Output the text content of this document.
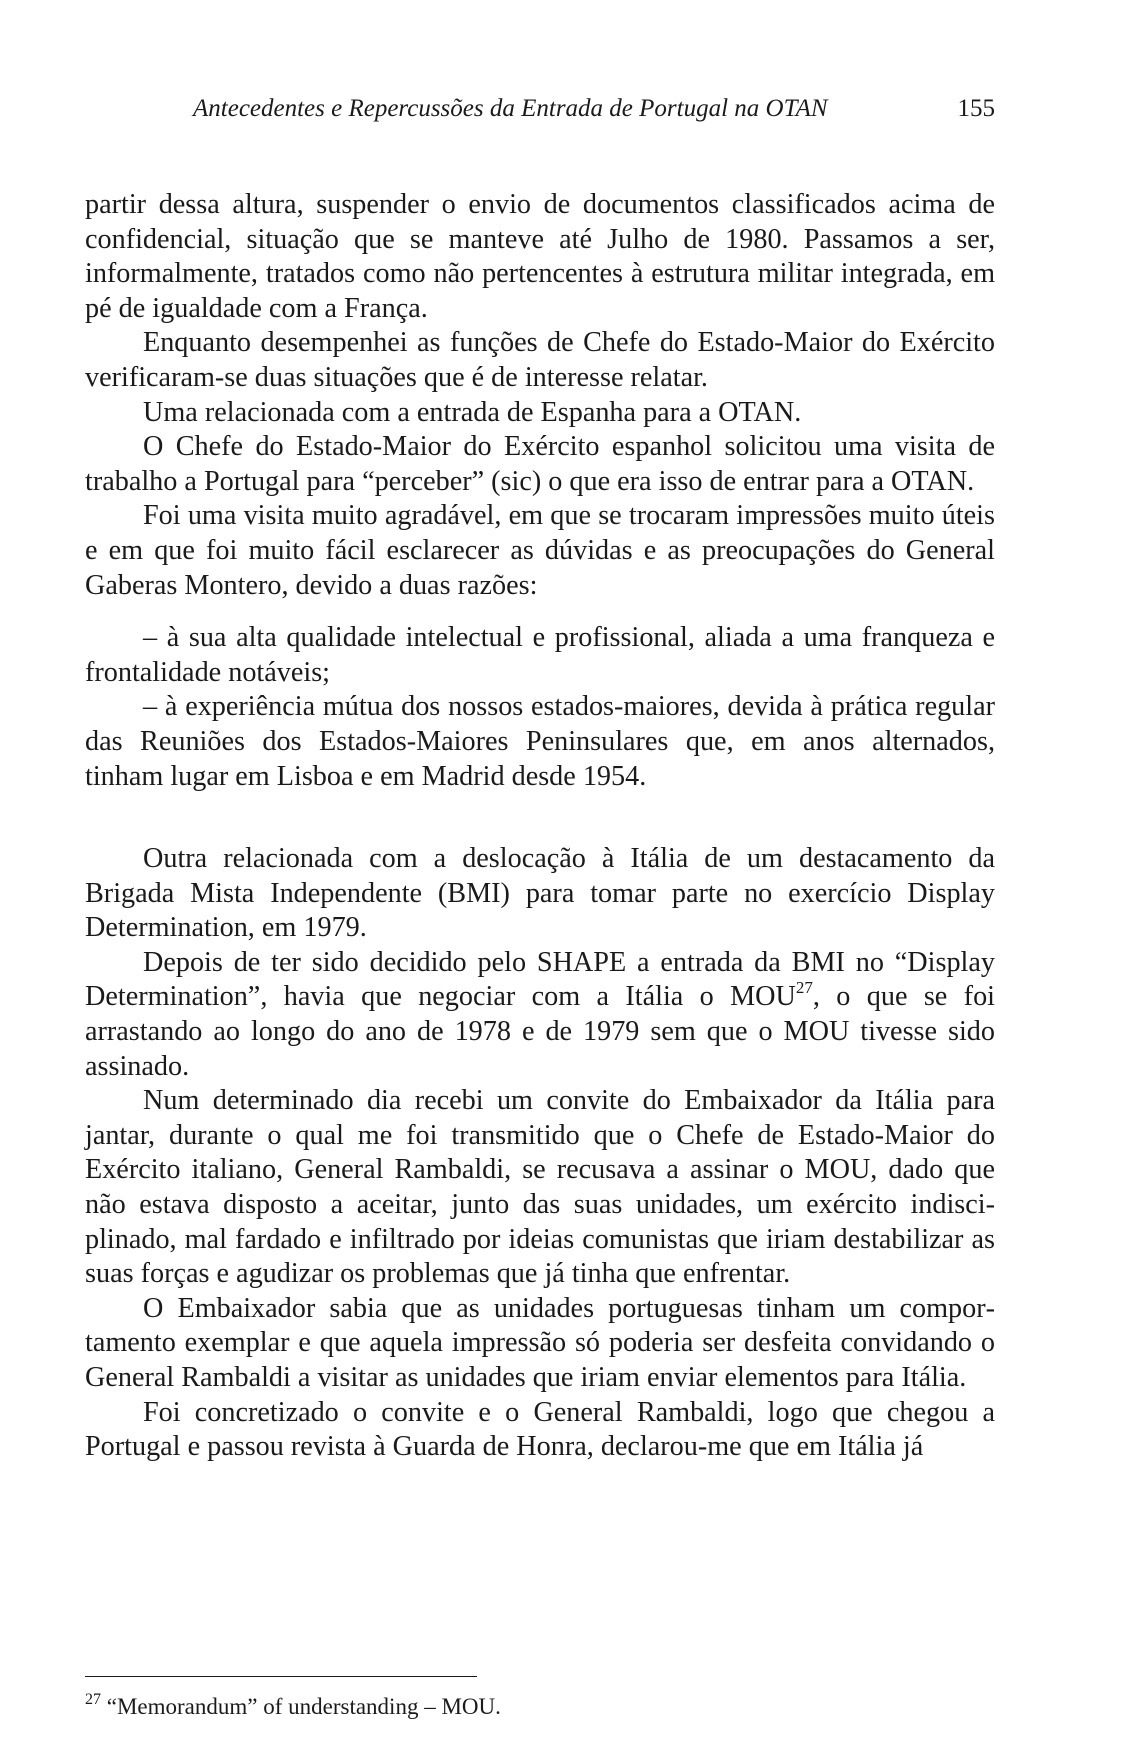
Antecedentes e Repercussões da Entrada de Portugal na OTAN	155

partir dessa altura, suspender o envio de documentos classificados acima de confidencial, situação que se manteve até Julho de 1980. Passamos a ser, informalmente, tratados como não pertencentes à estrutura militar integrada, em pé de igualdade com a França.

Enquanto desempenhei as funções de Chefe do Estado-Maior do Exército verificaram-se duas situações que é de interesse relatar.

Uma relacionada com a entrada de Espanha para a OTAN.

O Chefe do Estado-Maior do Exército espanhol solicitou uma visita de trabalho a Portugal para “perceber” (sic) o que era isso de entrar para a OTAN.

Foi uma visita muito agradável, em que se trocaram impressões muito úteis e em que foi muito fácil esclarecer as dúvidas e as preocupações do General Gaberas Montero, devido a duas razões:

– à sua alta qualidade intelectual e profissional, aliada a uma franqueza e frontalidade notáveis;

– à experiência mútua dos nossos estados-maiores, devida à prática regular das Reuniões dos Estados-Maiores Peninsulares que, em anos alternados, tinham lugar em Lisboa e em Madrid desde 1954.

Outra relacionada com a deslocação à Itália de um destacamento da Brigada Mista Independente (BMI) para tomar parte no exercício Display Determination, em 1979.

Depois de ter sido decidido pelo SHAPE a entrada da BMI no “Display Determination”, havia que negociar com a Itália o MOU$^{27}$, o que se foi arrastando ao longo do ano de 1978 e de 1979 sem que o MOU tivesse sido assinado.

Num determinado dia recebi um convite do Embaixador da Itália para jantar, durante o qual me foi transmitido que o Chefe de Estado-Maior do Exército italiano, General Rambaldi, se recusava a assinar o MOU, dado que não estava disposto a aceitar, junto das suas unidades, um exército indisciplinado, mal fardado e infiltrado por ideias comunistas que iriam destabilizar as suas forças e agudizar os problemas que já tinha que enfrentar.

O Embaixador sabia que as unidades portuguesas tinham um comportamento exemplar e que aquela impressão só poderia ser desfeita convidando o General Rambaldi a visitar as unidades que iriam enviar elementos para Itália.

Foi concretizado o convite e o General Rambaldi, logo que chegou a Portugal e passou revista à Guarda de Honra, declarou-me que em Itália já

$^{27}$ “Memorandum” of understanding – MOU.
